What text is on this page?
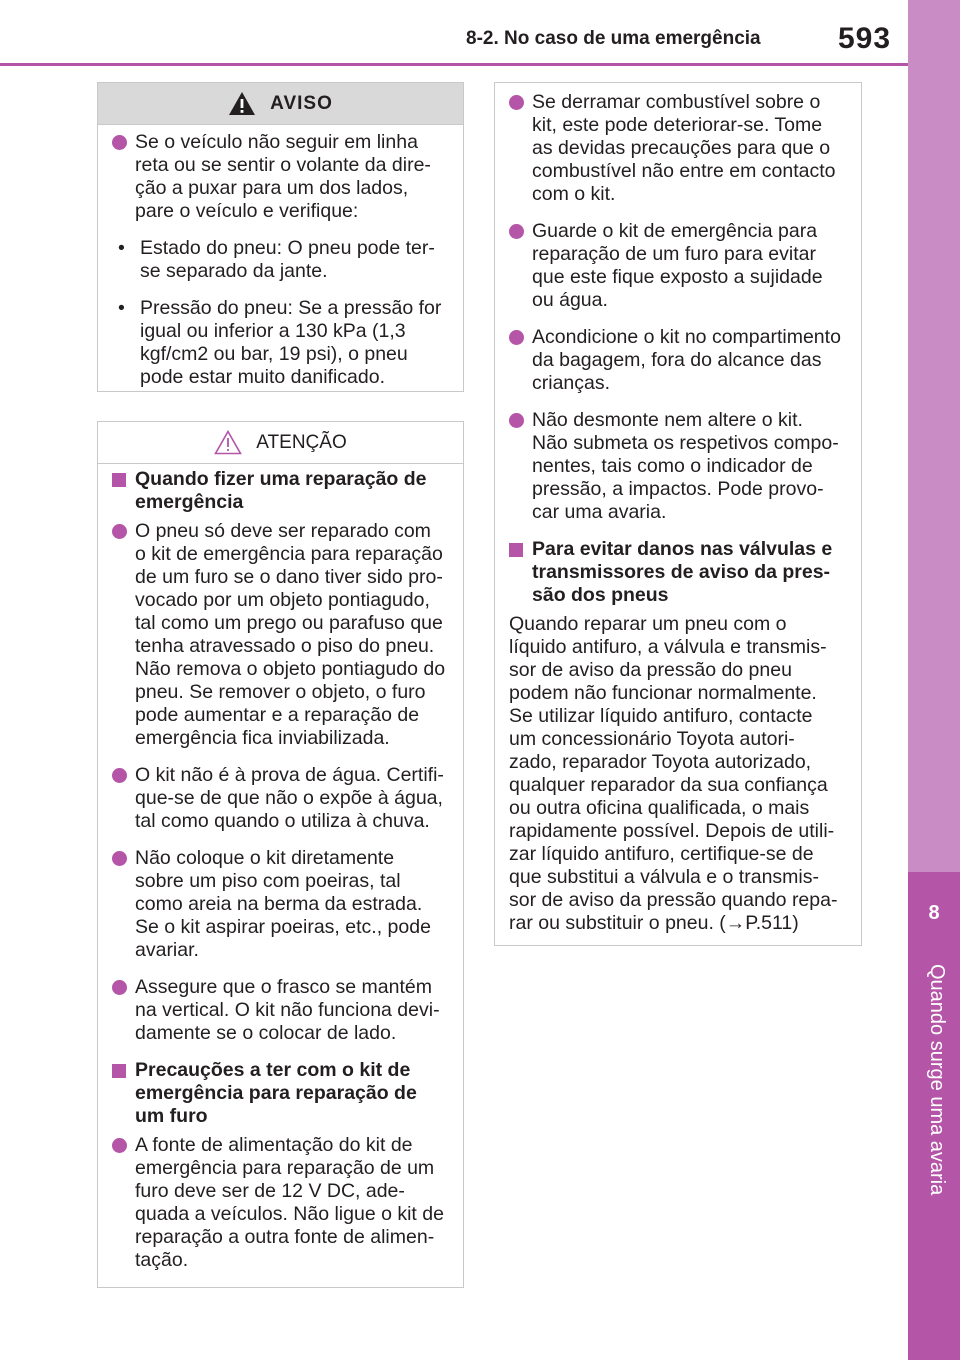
8
Quando surge uma avaria
8-2. No caso de uma emergência	593
AVISO
Se o veículo não seguir em linha
reta ou se sentir o volante da dire-
ção a puxar para um dos lados,
pare o veículo e verifique:
• Estado do pneu: O pneu pode ter-
se separado da jante.
• Pressão do pneu: Se a pressão for
igual ou inferior a 130 kPa (1,3
kgf/cm2 ou bar, 19 psi), o pneu
pode estar muito danificado.
ATENÇÃO
Quando fizer uma reparação de
emergência
O pneu só deve ser reparado com
o kit de emergência para reparação
de um furo se o dano tiver sido pro-
vocado por um objeto pontiagudo,
tal como um prego ou parafuso que
tenha atravessado o piso do pneu.
Não remova o objeto pontiagudo do
pneu. Se remover o objeto, o furo
pode aumentar e a reparação de
emergência fica inviabilizada.
O kit não é à prova de água. Certifi-
que-se de que não o expõe à água,
tal como quando o utiliza à chuva.
Não coloque o kit diretamente
sobre um piso com poeiras, tal
como areia na berma da estrada.
Se o kit aspirar poeiras, etc., pode
avariar.
Assegure que o frasco se mantém
na vertical. O kit não funciona devi-
damente se o colocar de lado.
Precauções a ter com o kit de
emergência para reparação de
um furo
A fonte de alimentação do kit de
emergência para reparação de um
furo deve ser de 12 V DC, ade-
quada a veículos. Não ligue o kit de
reparação a outra fonte de alimen-
tação.
Se derramar combustível sobre o
kit, este pode deteriorar-se. Tome
as devidas precauções para que o
combustível não entre em contacto
com o kit.
Guarde o kit de emergência para
reparação de um furo para evitar
que este fique exposto a sujidade
ou água.
Acondicione o kit no compartimento
da bagagem, fora do alcance das
crianças.
Não desmonte nem altere o kit.
Não submeta os respetivos compo-
nentes, tais como o indicador de
pressão, a impactos. Pode provo-
car uma avaria.
Para evitar danos nas válvulas e
transmissores de aviso da pres-
são dos pneus
Quando reparar um pneu com o
líquido antifuro, a válvula e transmis-
sor de aviso da pressão do pneu
podem não funcionar normalmente.
Se utilizar líquido antifuro, contacte
um concessionário Toyota autori-
zado, reparador Toyota autorizado,
qualquer reparador da sua confiança
ou outra oficina qualificada, o mais
rapidamente possível. Depois de utili-
zar líquido antifuro, certifique-se de
que substitui a válvula e o transmis-
sor de aviso da pressão quando repa-
rar ou substituir o pneu. (→P.511)
